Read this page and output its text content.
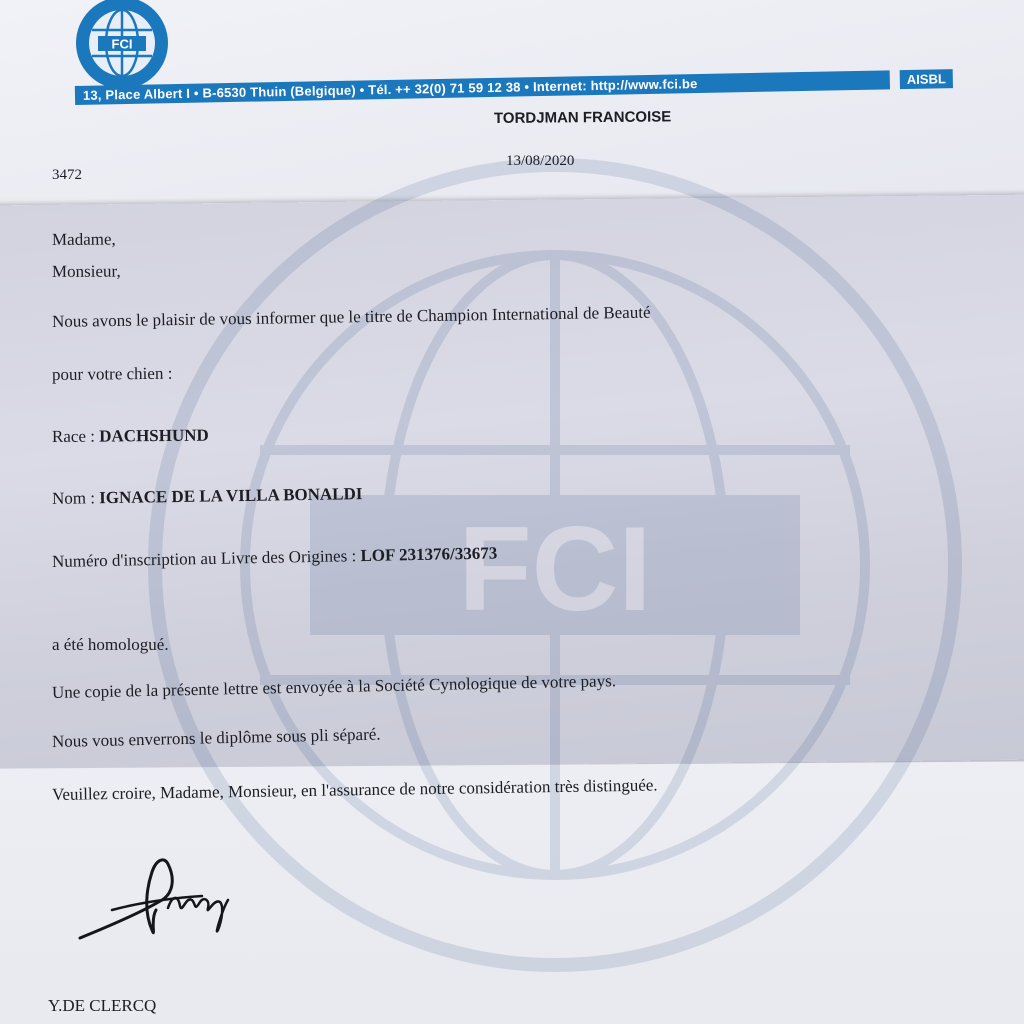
FCI
FCI
13, Place Albert I • B-6530 Thuin (Belgique) • Tél. ++ 32(0) 71 59 12 38 • Internet: http://www.fci.be	AISBL
TORDJMAN FRANCOISE
3472
13/08/2020
Madame,
Monsieur,
Nous avons le plaisir de vous informer que le titre de Champion International de Beauté
pour votre chien :
Race : DACHSHUND
Nom : IGNACE DE LA VILLA BONALDI
Numéro d'inscription au Livre des Origines : LOF 231376/33673
a été homologué.
Une copie de la présente lettre est envoyée à la Société Cynologique de votre pays.
Nous vous enverrons le diplôme sous pli séparé.
Veuillez croire, Madame, Monsieur, en l'assurance de notre considération très distinguée.
Y.DE CLERCQ
